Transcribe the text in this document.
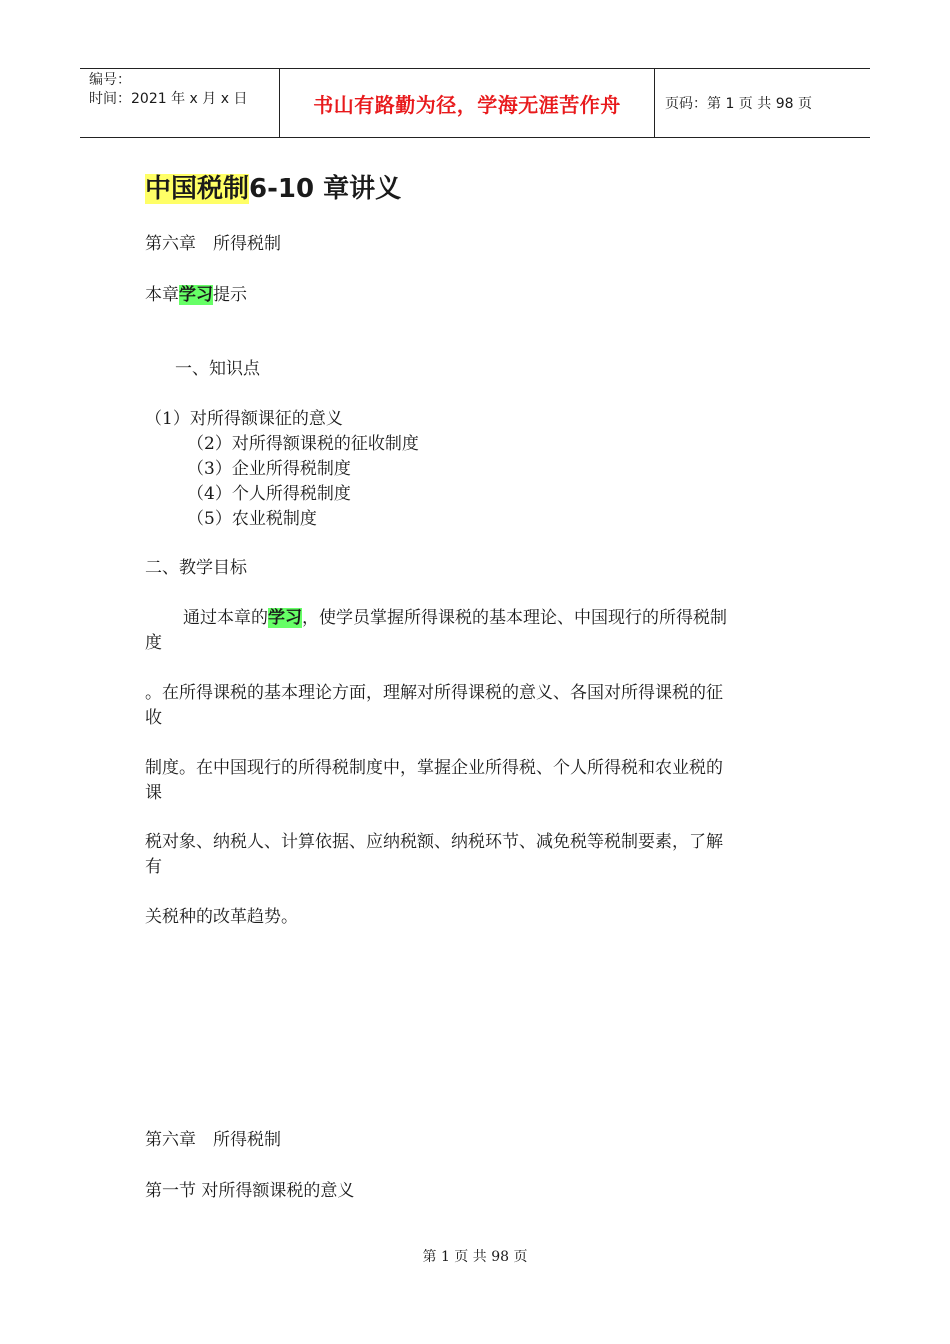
编号：
时间：2021 年 x 月 x 日	书山有路勤为径，学海无涯苦作舟	页码：第 1 页 共 98 页
中国税制6-10 章讲义
第六章　所得税制
本章学习提示
一、知识点
（1）对所得额课征的意义
（2）对所得额课税的征收制度
（3）企业所得税制度
（4）个人所得税制度
（5）农业税制度
二、教学目标
通过本章的学习，使学员掌握所得课税的基本理论、中国现行的所得税制
度
。在所得课税的基本理论方面，理解对所得课税的意义、各国对所得课税的征
收
制度。在中国现行的所得税制度中，掌握企业所得税、个人所得税和农业税的
课
税对象、纳税人、计算依据、应纳税额、纳税环节、减免税等税制要素，了解
有
关税种的改革趋势。
第六章　所得税制
第一节 对所得额课税的意义
第 1 页 共 98 页
